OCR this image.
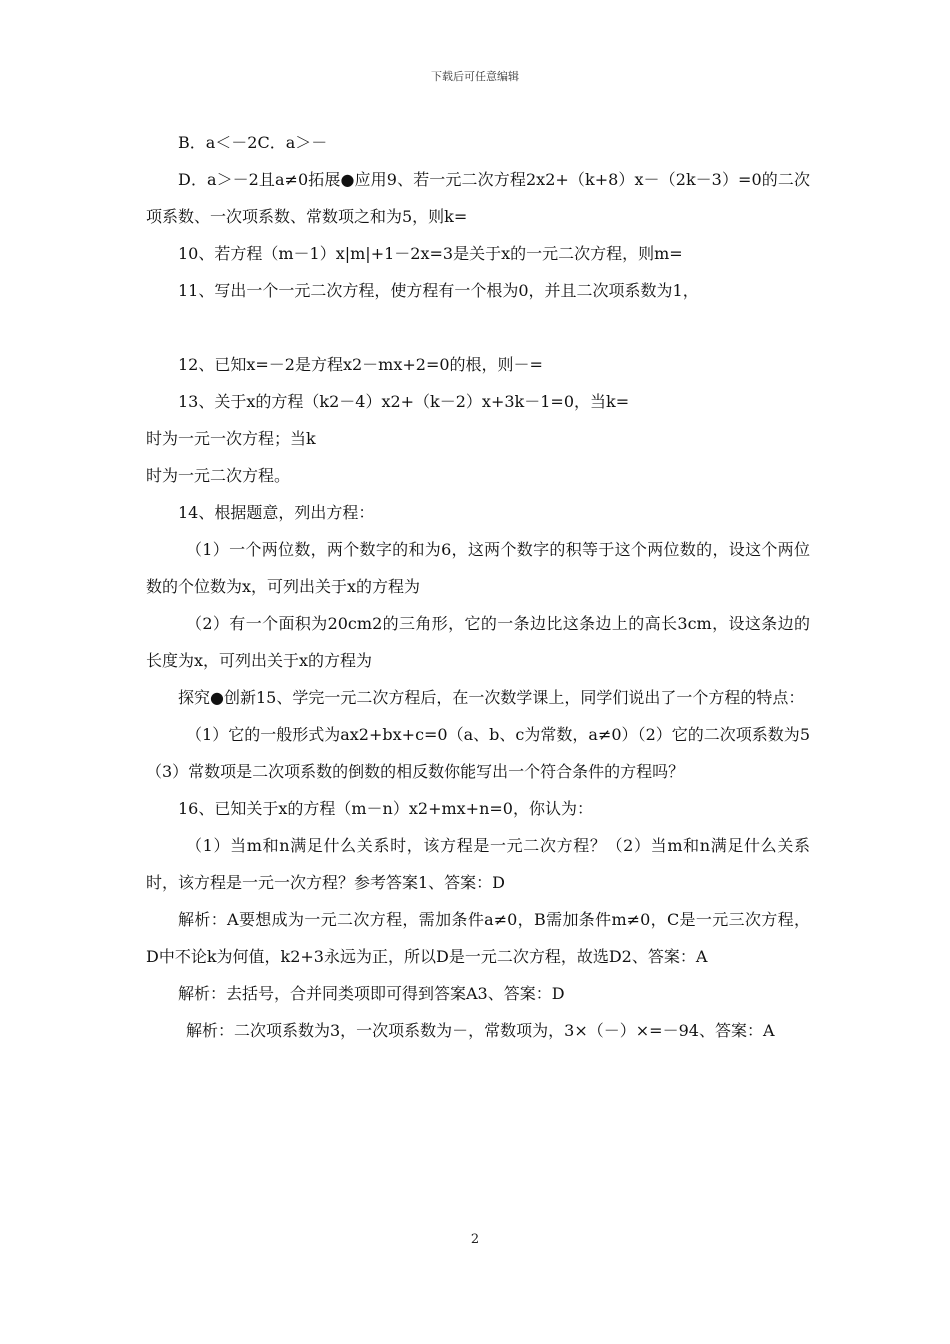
下载后可任意编辑

B．a＜－2C．a＞－

D．a＞－2且a≠0拓展●应用9、若一元二次方程2x2+（k+8）x－（2k－3）=0的二次项系数、一次项系数、常数项之和为5，则k=

10、若方程（m－1）x|m|+1－2x=3是关于x的一元二次方程，则m=

11、写出一个一元二次方程，使方程有一个根为0，并且二次项系数为1，

12、已知x=－2是方程x2－mx+2=0的根，则－=

13、关于x的方程（k2－4）x2+（k－2）x+3k－1=0，当k=

时为一元一次方程；当k

时为一元二次方程。

14、根据题意，列出方程：

（1）一个两位数，两个数字的和为6，这两个数字的积等于这个两位数的，设这个两位数的个位数为x，可列出关于x的方程为

（2）有一个面积为20cm2的三角形，它的一条边比这条边上的高长3cm，设这条边的长度为x，可列出关于x的方程为

探究●创新15、学完一元二次方程后，在一次数学课上，同学们说出了一个方程的特点：

（1）它的一般形式为ax2+bx+c=0（a、b、c为常数，a≠0）（2）它的二次项系数为5（3）常数项是二次项系数的倒数的相反数你能写出一个符合条件的方程吗？

16、已知关于x的方程（m－n）x2+mx+n=0，你认为：

（1）当m和n满足什么关系时，该方程是一元二次方程？（2）当m和n满足什么关系时，该方程是一元一次方程？参考答案1、答案：D

解析：A要想成为一元二次方程，需加条件a≠0，B需加条件m≠0，C是一元三次方程，D中不论k为何值，k2+3永远为正，所以D是一元二次方程，故选D2、答案：A

解析：去括号，合并同类项即可得到答案A3、答案：D

解析：二次项系数为3，一次项系数为－，常数项为，3×（－）×=－94、答案：A

2
